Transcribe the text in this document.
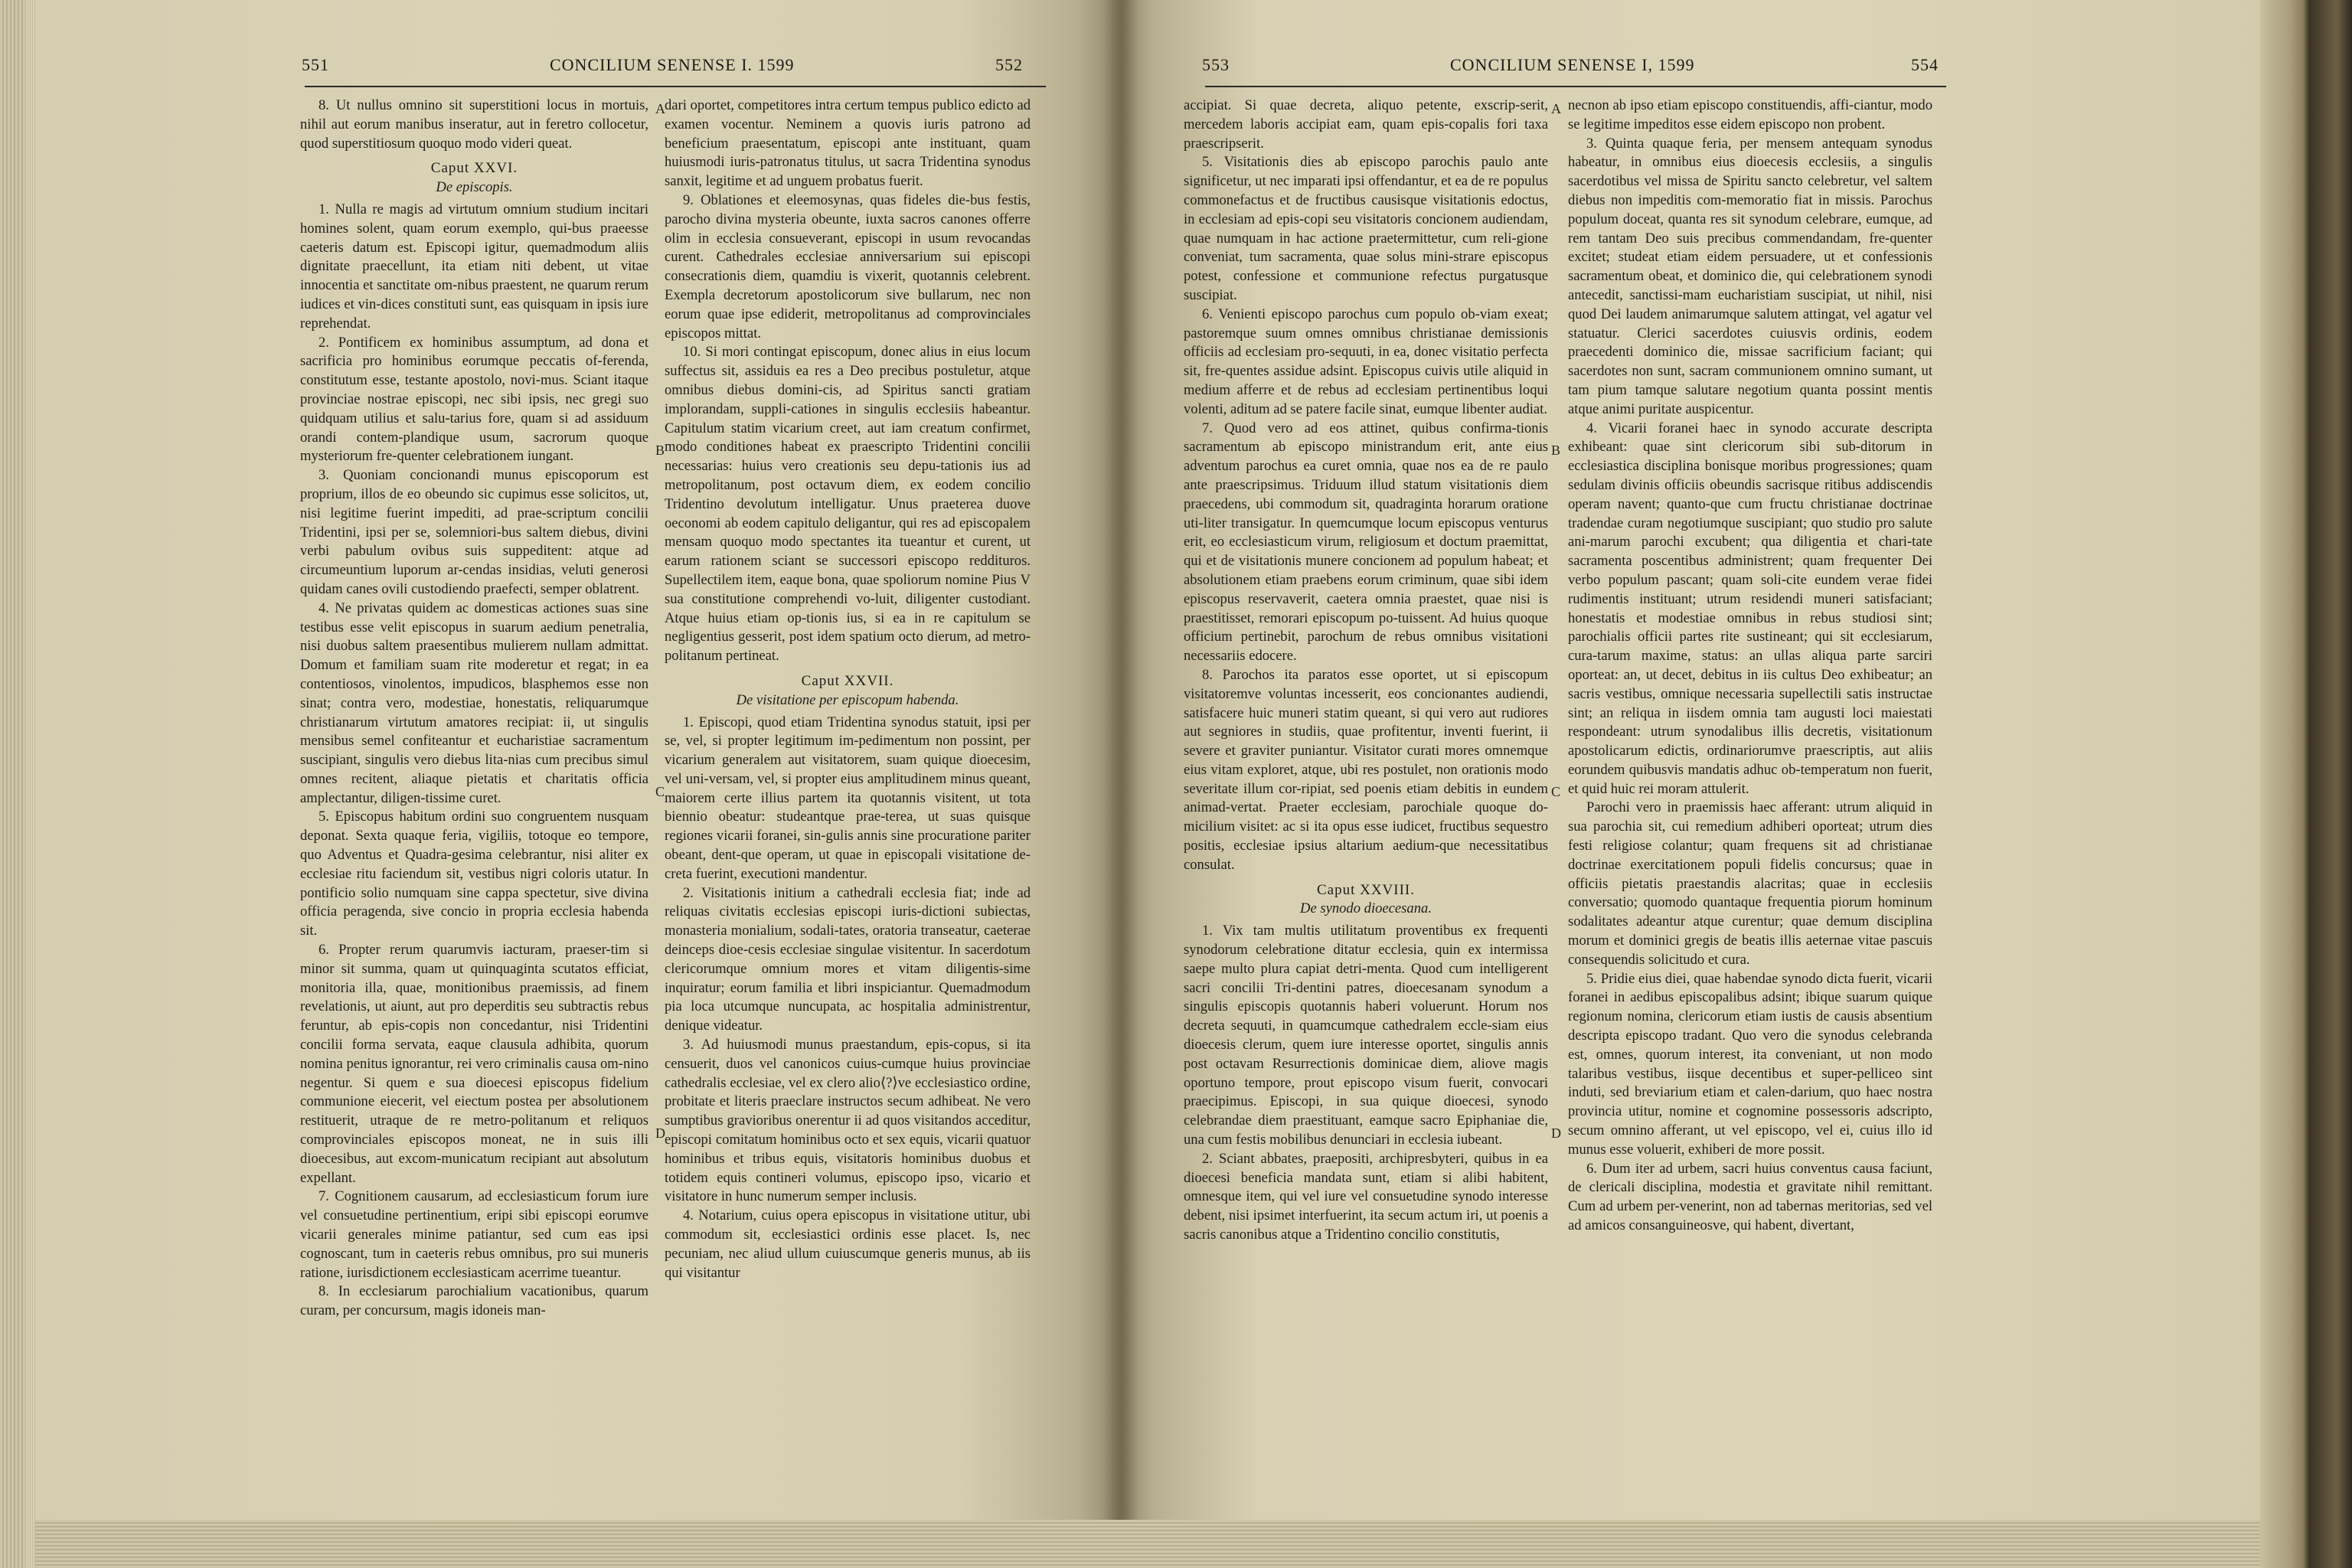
551	CONCILIUM SENENSE I. 1599	552

8. Ut nullus omnino sit superstitioni locus in mortuis, nihil aut eorum manibus inseratur, aut in feretro collocetur, quod superstitiosum quoquo modo videri queat.

Caput XXVI.

De episcopis.

1. Nulla re magis ad virtutum omnium studium incitari homines solent, quam eorum exemplo, qui-bus praeesse caeteris datum est. Episcopi igitur, quemadmodum aliis dignitate praecellunt, ita etiam niti debent, ut vitae innocentia et sanctitate om-nibus praestent, ne quarum rerum iudices et vin-dices constituti sunt, eas quisquam in ipsis iure reprehendat.

2. Pontificem ex hominibus assumptum, ad dona et sacrificia pro hominibus eorumque peccatis of-ferenda, constitutum esse, testante apostolo, novi-mus. Sciant itaque provinciae nostrae episcopi, nec sibi ipsis, nec gregi suo quidquam utilius et salu-tarius fore, quam si ad assiduum orandi contem-plandique usum, sacrorum quoque mysteriorum fre-quenter celebrationem iungant.

3. Quoniam concionandi munus episcoporum est proprium, illos de eo obeundo sic cupimus esse solicitos, ut, nisi legitime fuerint impediti, ad prae-scriptum concilii Tridentini, ipsi per se, solemniori-bus saltem diebus, divini verbi pabulum ovibus suis suppeditent: atque ad circumeuntium luporum ar-cendas insidias, veluti generosi quidam canes ovili custodiendo praefecti, semper oblatrent.

4. Ne privatas quidem ac domesticas actiones suas sine testibus esse velit episcopus in suarum aedium penetralia, nisi duobus saltem praesentibus mulierem nullam admittat. Domum et familiam suam rite moderetur et regat; in ea contentiosos, vinolentos, impudicos, blasphemos esse non sinat; contra vero, modestiae, honestatis, reliquarumque christianarum virtutum amatores recipiat: ii, ut singulis mensibus semel confiteantur et eucharistiae sacramentum suscipiant, singulis vero diebus lita-nias cum precibus simul omnes recitent, aliaque pietatis et charitatis officia amplectantur, diligen-tissime curet.

5. Episcopus habitum ordini suo congruentem nusquam deponat. Sexta quaque feria, vigiliis, totoque eo tempore, quo Adventus et Quadra-gesima celebrantur, nisi aliter ex ecclesiae ritu faciendum sit, vestibus nigri coloris utatur. In pontificio solio numquam sine cappa spectetur, sive divina officia peragenda, sive concio in propria ecclesia habenda sit.

6. Propter rerum quarumvis iacturam, praeser-tim si minor sit summa, quam ut quinquaginta scutatos efficiat, monitoria illa, quae, monitionibus praemissis, ad finem revelationis, ut aiunt, aut pro deperditis seu subtractis rebus feruntur, ab epis-copis non concedantur, nisi Tridentini concilii forma servata, eaque clausula adhibita, quorum nomina penitus ignorantur, rei vero criminalis causa om-nino negentur. Si quem e sua dioecesi episcopus fidelium communione eiecerit, vel eiectum postea per absolutionem restituerit, utraque de re metro-politanum et reliquos comprovinciales episcopos moneat, ne in suis illi dioecesibus, aut excom-municatum recipiant aut absolutum expellant.

7. Cognitionem causarum, ad ecclesiasticum forum iure vel consuetudine pertinentium, eripi sibi episcopi eorumve vicarii generales minime patiantur, sed cum eas ipsi cognoscant, tum in caeteris rebus omnibus, pro sui muneris ratione, iurisdictionem ecclesiasticam acerrime tueantur.

8. In ecclesiarum parochialium vacationibus, quarum curam, per concursum, magis idoneis man-

dari oportet, competitores intra certum tempus publico edicto ad examen vocentur. Neminem a quovis iuris patrono ad beneficium praesentatum, episcopi ante instituant, quam huiusmodi iuris-patronatus titulus, ut sacra Tridentina synodus sanxit, legitime et ad unguem probatus fuerit.

9. Oblationes et eleemosynas, quas fideles die-bus festis, parocho divina mysteria obeunte, iuxta sacros canones offerre olim in ecclesia consueverant, episcopi in usum revocandas curent. Cathedrales ecclesiae anniversarium sui episcopi consecrationis diem, quamdiu is vixerit, quotannis celebrent. Exempla decretorum apostolicorum sive bullarum, nec non eorum quae ipse ediderit, metropolitanus ad comprovinciales episcopos mittat.

10. Si mori contingat episcopum, donec alius in eius locum suffectus sit, assiduis ea res a Deo precibus postuletur, atque omnibus diebus domini-cis, ad Spiritus sancti gratiam implorandam, suppli-cationes in singulis ecclesiis habeantur. Capitulum statim vicarium creet, aut iam creatum confirmet, modo conditiones habeat ex praescripto Tridentini concilii necessarias: huius vero creationis seu depu-tationis ius ad metropolitanum, post octavum diem, ex eodem concilio Tridentino devolutum intelligatur. Unus praeterea duove oeconomi ab eodem capitulo deligantur, qui res ad episcopalem mensam quoquo modo spectantes ita tueantur et curent, ut earum rationem sciant se successori episcopo reddituros. Supellectilem item, eaque bona, quae spoliorum nomine Pius V sua constitutione comprehendi vo-luit, diligenter custodiant. Atque huius etiam op-tionis ius, si ea in re capitulum se negligentius gesserit, post idem spatium octo dierum, ad metro-politanum pertineat.

Caput XXVII.

De visitatione per episcopum habenda.

1. Episcopi, quod etiam Tridentina synodus statuit, ipsi per se, vel, si propter legitimum im-pedimentum non possint, per vicarium generalem aut visitatorem, suam quique dioecesim, vel uni-versam, vel, si propter eius amplitudinem minus queant, maiorem certe illius partem ita quotannis visitent, ut tota biennio obeatur: studeantque prae-terea, ut suas quisque regiones vicarii foranei, sin-gulis annis sine procuratione pariter obeant, dent-que operam, ut quae in episcopali visitatione de-creta fuerint, executioni mandentur.

2. Visitationis initium a cathedrali ecclesia fiat; inde ad reliquas civitatis ecclesias episcopi iuris-dictioni subiectas, monasteria monialium, sodali-tates, oratoria transeatur, caeterae deinceps dioe-cesis ecclesiae singulae visitentur. In sacerdotum clericorumque omnium mores et vitam diligentis-sime inquiratur; eorum familia et libri inspiciantur. Quemadmodum pia loca utcumque nuncupata, ac hospitalia administrentur, denique videatur.

3. Ad huiusmodi munus praestandum, epis-copus, si ita censuerit, duos vel canonicos cuius-cumque huius provinciae cathedralis ecclesiae, vel ex clero alio⟨?⟩ve ecclesiastico ordine, probitate et literis praeclare instructos secum adhibeat. Ne vero sumptibus gravioribus onerentur ii ad quos visitandos acceditur, episcopi comitatum hominibus octo et sex equis, vicarii quatuor hominibus et tribus equis, visitatoris hominibus duobus et totidem equis contineri volumus, episcopo ipso, vicario et visitatore in hunc numerum semper inclusis.

4. Notarium, cuius opera episcopus in visitatione utitur, ubi commodum sit, ecclesiastici ordinis esse placet. Is, nec pecuniam, nec aliud ullum cuiuscumque generis munus, ab iis qui visitantur

A
B
C
D
553	CONCILIUM SENENSE I, 1599	554

accipiat. Si quae decreta, aliquo petente, exscrip-serit, mercedem laboris accipiat eam, quam epis-copalis fori taxa praescripserit.

5. Visitationis dies ab episcopo parochis paulo ante significetur, ut nec imparati ipsi offendantur, et ea de re populus commonefactus et de fructibus causisque visitationis edoctus, in ecclesiam ad epis-copi seu visitatoris concionem audiendam, quae numquam in hac actione praetermittetur, cum reli-gione conveniat, tum sacramenta, quae solus mini-strare episcopus potest, confessione et communione refectus purgatusque suscipiat.

6. Venienti episcopo parochus cum populo ob-viam exeat; pastoremque suum omnes omnibus christianae demissionis officiis ad ecclesiam pro-sequuti, in ea, donec visitatio perfecta sit, fre-quentes assidue adsint. Episcopus cuivis utile aliquid in medium afferre et de rebus ad ecclesiam pertinentibus loqui volenti, aditum ad se patere facile sinat, eumque libenter audiat.

7. Quod vero ad eos attinet, quibus confirma-tionis sacramentum ab episcopo ministrandum erit, ante eius adventum parochus ea curet omnia, quae nos ea de re paulo ante praescripsimus. Triduum illud statum visitationis diem praecedens, ubi commodum sit, quadraginta horarum oratione uti-liter transigatur. In quemcumque locum episcopus venturus erit, eo ecclesiasticum virum, religiosum et doctum praemittat, qui et de visitationis munere concionem ad populum habeat; et absolutionem etiam praebens eorum criminum, quae sibi idem episcopus reservaverit, caetera omnia praestet, quae nisi is praestitisset, remorari episcopum po-tuissent. Ad huius quoque officium pertinebit, parochum de rebus omnibus visitationi necessariis edocere.

8. Parochos ita paratos esse oportet, ut si episcopum visitatoremve voluntas incesserit, eos concionantes audiendi, satisfacere huic muneri statim queant, si qui vero aut rudiores aut segniores in studiis, quae profitentur, inventi fuerint, ii severe et graviter puniantur. Visitator curati mores omnemque eius vitam exploret, atque, ubi res postulet, non orationis modo severitate illum cor-ripiat, sed poenis etiam debitis in eundem animad-vertat. Praeter ecclesiam, parochiale quoque do-micilium visitet: ac si ita opus esse iudicet, fructibus sequestro positis, ecclesiae ipsius altarium aedium-que necessitatibus consulat.

Caput XXVIII.

De synodo dioecesana.

1. Vix tam multis utilitatum proventibus ex frequenti synodorum celebratione ditatur ecclesia, quin ex intermissa saepe multo plura capiat detri-menta. Quod cum intelligerent sacri concilii Tri-dentini patres, dioecesanam synodum a singulis episcopis quotannis haberi voluerunt. Horum nos decreta sequuti, in quamcumque cathedralem eccle-siam eius dioecesis clerum, quem iure interesse oportet, singulis annis post octavam Resurrectionis dominicae diem, aliove magis oportuno tempore, prout episcopo visum fuerit, convocari praecipimus. Episcopi, in sua quique dioecesi, synodo celebrandae diem praestituant, eamque sacro Epiphaniae die, una cum festis mobilibus denunciari in ecclesia iubeant.

2. Sciant abbates, praepositi, archipresbyteri, quibus in ea dioecesi beneficia mandata sunt, etiam si alibi habitent, omnesque item, qui vel iure vel consuetudine synodo interesse debent, nisi ipsimet interfuerint, ita secum actum iri, ut poenis a sacris canonibus atque a Tridentino concilio constitutis,

necnon ab ipso etiam episcopo constituendis, affi-ciantur, modo se legitime impeditos esse eidem episcopo non probent.

3. Quinta quaque feria, per mensem antequam synodus habeatur, in omnibus eius dioecesis ecclesiis, a singulis sacerdotibus vel missa de Spiritu sancto celebretur, vel saltem diebus non impeditis com-memoratio fiat in missis. Parochus populum doceat, quanta res sit synodum celebrare, eumque, ad rem tantam Deo suis precibus commendandam, fre-quenter excitet; studeat etiam eidem persuadere, ut et confessionis sacramentum obeat, et dominico die, qui celebrationem synodi antecedit, sanctissi-mam eucharistiam suscipiat, ut nihil, nisi quod Dei laudem animarumque salutem attingat, vel agatur vel statuatur. Clerici sacerdotes cuiusvis ordinis, eodem praecedenti dominico die, missae sacrificium faciant; qui sacerdotes non sunt, sacram communionem omnino sumant, ut tam pium tamque salutare negotium quanta possint mentis atque animi puritate auspicentur.

4. Vicarii foranei haec in synodo accurate descripta exhibeant: quae sint clericorum sibi sub-ditorum in ecclesiastica disciplina bonisque moribus progressiones; quam sedulam divinis officiis obeundis sacrisque ritibus addiscendis operam navent; quanto-que cum fructu christianae doctrinae tradendae curam negotiumque suscipiant; quo studio pro salute ani-marum parochi excubent; qua diligentia et chari-tate sacramenta poscentibus administrent; quam frequenter Dei verbo populum pascant; quam soli-cite eundem verae fidei rudimentis instituant; utrum residendi muneri satisfaciant; honestatis et modestiae omnibus in rebus studiosi sint; parochialis officii partes rite sustineant; qui sit ecclesiarum, cura-tarum maxime, status: an ullas aliqua parte sarciri oporteat: an, ut decet, debitus in iis cultus Deo exhibeatur; an sacris vestibus, omnique necessaria supellectili satis instructae sint; an reliqua in iisdem omnia tam augusti loci maiestati respondeant: utrum synodalibus illis decretis, visitationum apostolicarum edictis, ordinariorumve praescriptis, aut aliis eorundem quibusvis mandatis adhuc ob-temperatum non fuerit, et quid huic rei moram attulerit.

Parochi vero in praemissis haec afferant: utrum aliquid in sua parochia sit, cui remedium adhiberi oporteat; utrum dies festi religiose colantur; quam frequens sit ad christianae doctrinae exercitationem populi fidelis concursus; quae in officiis pietatis praestandis alacritas; quae in ecclesiis conversatio; quomodo quantaque frequentia piorum hominum sodalitates adeantur atque curentur; quae demum disciplina morum et dominici gregis de beatis illis aeternae vitae pascuis consequendis solicitudo et cura.

5. Pridie eius diei, quae habendae synodo dicta fuerit, vicarii foranei in aedibus episcopalibus adsint; ibique suarum quique regionum nomina, clericorum etiam iustis de causis absentium descripta episcopo tradant. Quo vero die synodus celebranda est, omnes, quorum interest, ita conveniant, ut non modo talaribus vestibus, iisque decentibus et super-pelliceo sint induti, sed breviarium etiam et calen-darium, quo haec nostra provincia utitur, nomine et cognomine possessoris adscripto, secum omnino afferant, ut vel episcopo, vel ei, cuius illo id munus esse voluerit, exhiberi de more possit.

6. Dum iter ad urbem, sacri huius conventus causa faciunt, de clericali disciplina, modestia et gravitate nihil remittant. Cum ad urbem per-venerint, non ad tabernas meritorias, sed vel ad amicos consanguineosve, qui habent, divertant,

A
B
C
D
